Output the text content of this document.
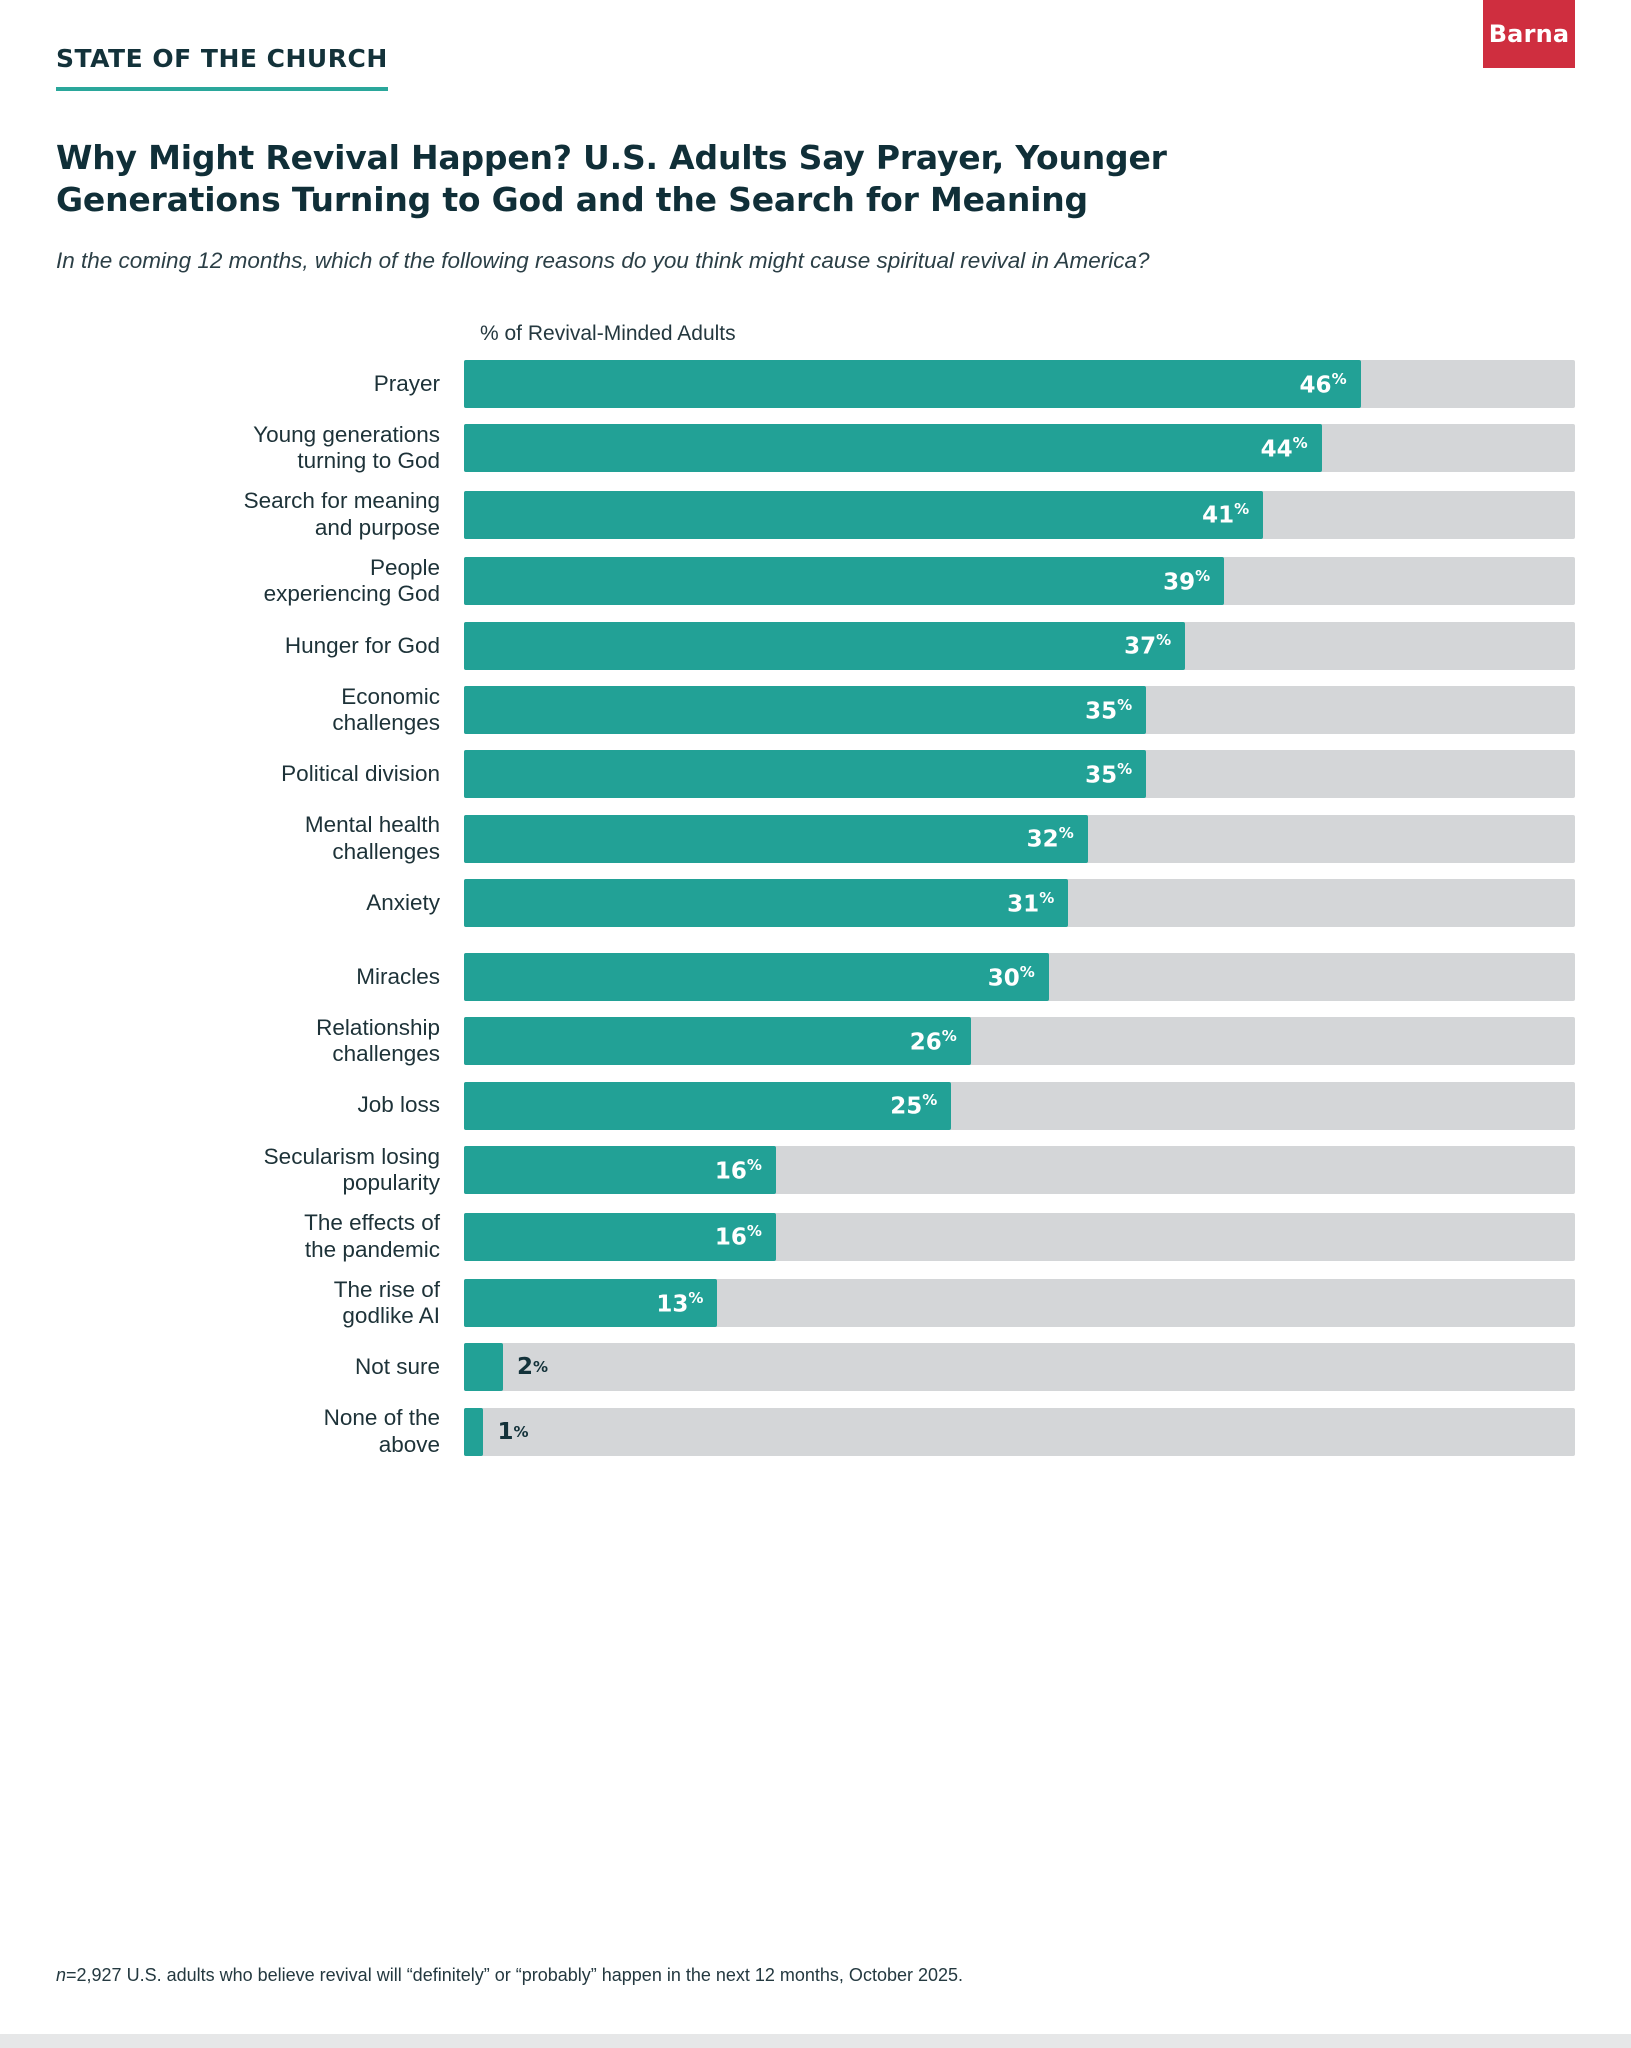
STATE OF THE CHURCH
Barna
Why Might Revival Happen? U.S. Adults Say Prayer, Younger Generations Turning to God and the Search for Meaning

In the coming 12 months, which of the following reasons do you think might cause spiritual revival in America?

% of Revival-Minded Adults
Prayer	46%
Young generations
turning to God	44%
Search for meaning
and purpose	41%
People
experiencing God	39%
Hunger for God	37%
Economic
challenges	35%
Political division	35%
Mental health
challenges	32%
Anxiety	31%
Miracles	30%
Relationship
challenges	26%
Job loss	25%
Secularism losing
popularity	16%
The effects of
the pandemic	16%
The rise of
godlike AI	13%
Not sure	2 %
None of the
above 1 %
n=2,927 U.S. adults who believe revival will “definitely” or “probably” happen in the next 12 months, October 2025.
